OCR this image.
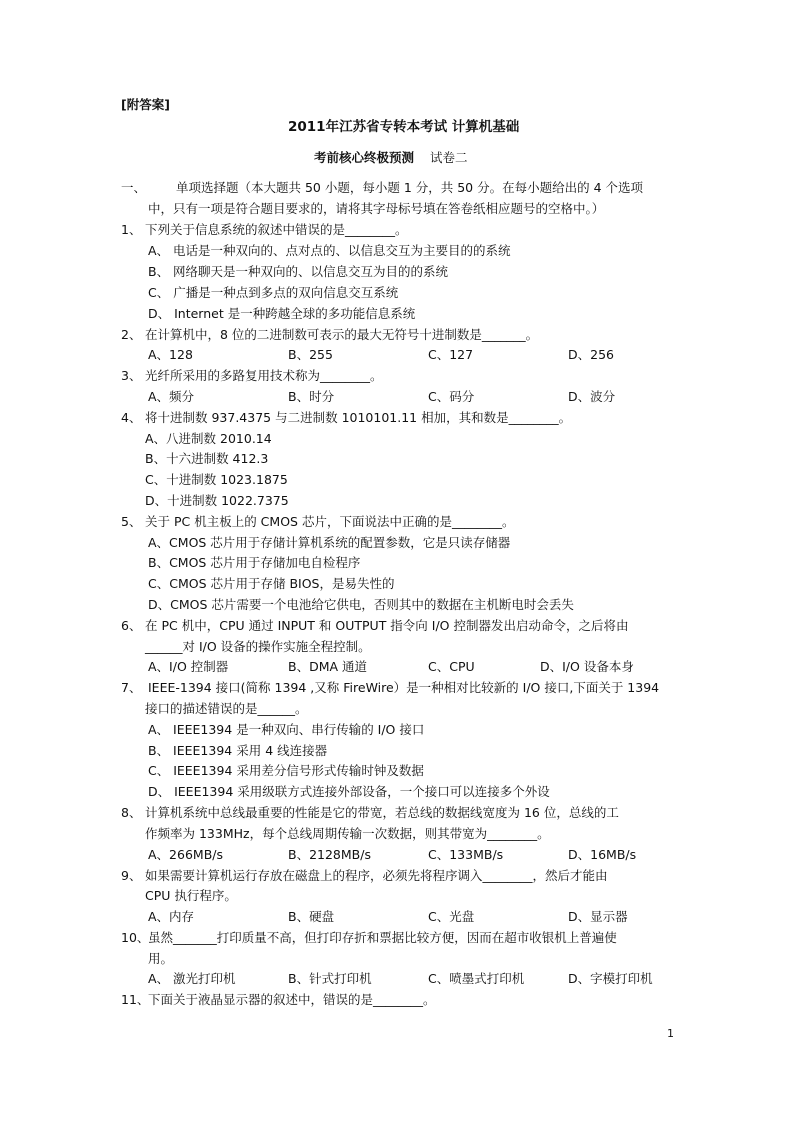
[附答案]
2011年江苏省专转本考试 计算机基础
考前核心终极预测 试卷二
一、 单项选择题（本大题共 50 小题，每小题 1 分，共 50 分。在每小题给出的 4 个选项
中，只有一项是符合题目要求的，请将其字母标号填在答卷纸相应题号的空格中。）
1、 下列关于信息系统的叙述中错误的是________。
A、 电话是一种双向的、点对点的、以信息交互为主要目的的系统
B、 网络聊天是一种双向的、以信息交互为目的的系统
C、 广播是一种点到多点的双向信息交互系统
D、 Internet 是一种跨越全球的多功能信息系统
2、 在计算机中，8 位的二进制数可表示的最大无符号十进制数是_______。
A、128	B、255	C、127	D、256
3、 光纤所采用的多路复用技术称为________。
A、频分	B、时分	C、码分	D、波分
4、 将十进制数 937.4375 与二进制数 1010101.11 相加，其和数是________。
A、八进制数 2010.14
B、十六进制数 412.3
C、十进制数 1023.1875
D、十进制数 1022.7375
5、 关于 PC 机主板上的 CMOS 芯片，下面说法中正确的是________。
A、CMOS 芯片用于存储计算机系统的配置参数，它是只读存储器
B、CMOS 芯片用于存储加电自检程序
C、CMOS 芯片用于存储 BIOS，是易失性的
D、CMOS 芯片需要一个电池给它供电，否则其中的数据在主机断电时会丢失
6、 在 PC 机中，CPU 通过 INPUT 和 OUTPUT 指令向 I/O 控制器发出启动命令，之后将由
______对 I/O 设备的操作实施全程控制。
A、I/O 控制器	B、DMA 通道	C、CPU	D、I/O 设备本身
7、 IEEE-1394 接口(简称 1394 ,又称 FireWire）是一种相对比较新的 I/O 接口,下面关于 1394
接口的描述错误的是______。
A、 IEEE1394 是一种双向、串行传输的 I/O 接口
B、 IEEE1394 采用 4 线连接器
C、 IEEE1394 采用差分信号形式传输时钟及数据
D、 IEEE1394 采用级联方式连接外部设备，一个接口可以连接多个外设
8、 计算机系统中总线最重要的性能是它的带宽，若总线的数据线宽度为 16 位，总线的工
作频率为 133MHz，每个总线周期传输一次数据，则其带宽为________。
A、266MB/s	B、2128MB/s	C、133MB/s	D、16MB/s
9、 如果需要计算机运行存放在磁盘上的程序，必须先将程序调入________，然后才能由
CPU 执行程序。
A、内存	B、硬盘	C、光盘	D、显示器
10、
虽然_______打印质量不高，但打印存折和票据比较方便，因而在超市收银机上普遍使
用。
A、 激光打印机	B、针式打印机	C、喷墨式打印机	D、字模打印机
11、
下面关于液晶显示器的叙述中，错误的是________。
1
